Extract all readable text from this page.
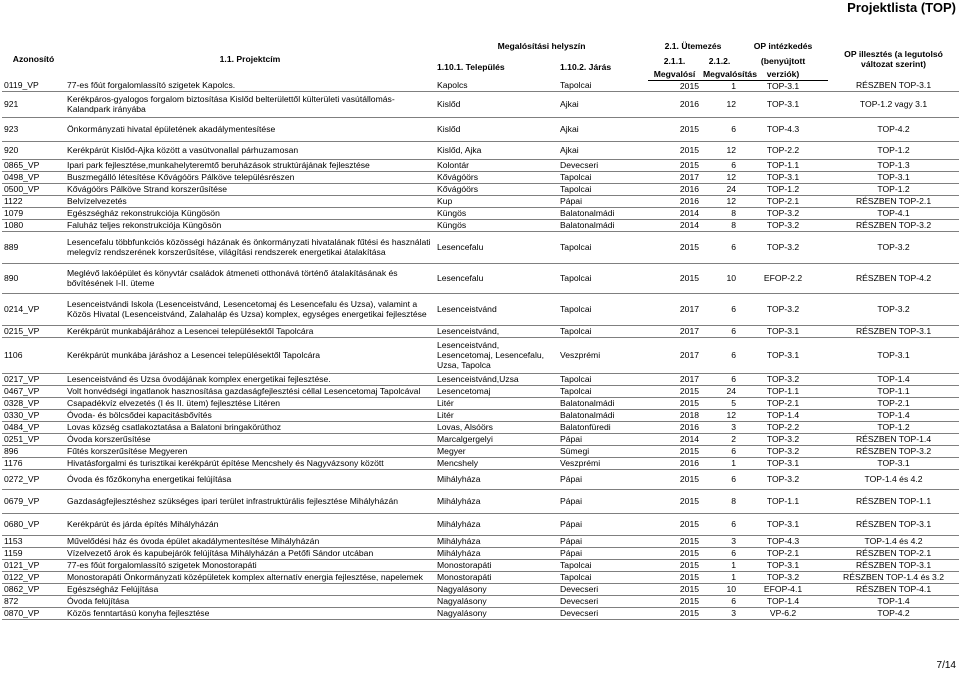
Projektlista (TOP)
Azonosító	1.1. Projektcím	Megalósítási helyszín		2.1. Ütemezés		OP intézkedés	OP illesztés (a legutolsó
változat szerint)

		1.10.1. Település	1.10.2. Járás	2.1.1.	2.1.2.	(benyújtott	
				Megvalósí	Megvalósítás	verziók)	
0119_VP	77-es főút forgalomlassító szigetek Kapolcs.	Kapolcs	Tapolcai	2015	1	TOP-3.1	RÉSZBEN TOP-3.1
921	Kerékpáros-gyalogos forgalom biztosítása Kislőd belterülettől külterületi vasútállomás-Kalandpark irányába	Kislőd	Ajkai	2016	12	TOP-3.1	TOP-1.2 vagy 3.1
923	Önkormányzati hivatal épületének akadálymentesítése	Kislőd	Ajkai	2015	6	TOP-4.3	TOP-4.2
920	Kerékpárút Kislőd-Ajka között a vasútvonallal párhuzamosan	Kislőd, Ajka	Ajkai	2015	12	TOP-2.2	TOP-1.2
0865_VP	Ipari park fejlesztése,munkahelyteremtő beruházások struktúrájának fejlesztése	Kolontár	Devecseri	2015	6	TOP-1.1	TOP-1.3
0498_VP	Buszmegálló létesítése Kővágóörs Pálköve településrészen	Kővágóörs	Tapolcai	2017	12	TOP-3.1	TOP-3.1
0500_VP	Kővágóörs Pálköve Strand korszerűsítése	Kővágóörs	Tapolcai	2016	24	TOP-1.2	TOP-1.2
1122	Belvízelvezetés	Kup	Pápai	2016	12	TOP-2.1	RÉSZBEN TOP-2.1
1079	Egészségház rekonstrukciója Küngösön	Küngös	Balatonalmádi	2014	8	TOP-3.2	TOP-4.1
1080	Faluház teljes rekonstrukciója Küngösön	Küngös	Balatonalmádi	2014	8	TOP-3.2	RÉSZBEN TOP-3.2
889	Lesencefalu többfunkciós közösségi házának és önkormányzati hivatalának fűtési és használati melegvíz rendszerének korszerűsítése, világítási rendszerek energetikai átalakítása	Lesencefalu	Tapolcai	2015	6	TOP-3.2	TOP-3.2
890	Meglévő lakóépület és könyvtár családok átmeneti otthonává történő átalakításának és bővítésének I-II. üteme	Lesencefalu	Tapolcai	2015	10	EFOP-2.2	RÉSZBEN TOP-4.2
0214_VP	Lesenceistvándi Iskola (Lesenceistvánd, Lesencetomaj és Lesencefalu és Uzsa), valamint a Közös Hivatal (Lesenceistvánd, Zalahaláp és Uzsa) komplex, egységes energetikai fejlesztése	Lesenceistvánd	Tapolcai	2017	6	TOP-3.2	TOP-3.2
0215_VP	Kerékpárút munkabájárához a Lesencei településektől Tapolcára	Lesenceistvánd,	Tapolcai	2017	6	TOP-3.1	RÉSZBEN TOP-3.1
1106	Kerékpárút munkába járáshoz a Lesencei településektől Tapolcára	Lesenceistvánd, Lesencetomaj, Lesencefalu, Uzsa, Tapolca	Veszprémi	2017	6	TOP-3.1	TOP-3.1
0217_VP	Lesenceistvánd és Uzsa óvodájának komplex energetikai fejlesztése.	Lesenceistvánd,Uzsa	Tapolcai	2017	6	TOP-3.2	TOP-1.4
0467_VP	Volt honvédségi ingatlanok hasznosítása gazdaságfejlesztési céllal Lesencetomaj Tapolcával	Lesencetomaj	Tapolcai	2015	24	TOP-1.1	TOP-1.1
0328_VP	Csapadékvíz elvezetés (I és II. ütem) fejlesztése Litéren	Litér	Balatonalmádi	2015	5	TOP-2.1	TOP-2.1
0330_VP	Óvoda- és bölcsődei kapacitásbővítés	Litér	Balatonalmádi	2018	12	TOP-1.4	TOP-1.4
0484_VP	Lovas község csatlakoztatása a Balatoni bringakörúthoz	Lovas, Alsóörs	Balatonfüredi	2016	3	TOP-2.2	TOP-1.2
0251_VP	Óvoda korszerűsítése	Marcalgergelyi	Pápai	2014	2	TOP-3.2	RÉSZBEN TOP-1.4
896	Fűtés korszerűsítése Megyeren	Megyer	Sümegi	2015	6	TOP-3.2	RÉSZBEN TOP-3.2
1176	Hivatásforgalmi és turisztikai kerékpárút építése Mencshely és Nagyvázsony között	Mencshely	Veszprémi	2016	1	TOP-3.1	TOP-3.1
0272_VP	Óvoda és főzőkonyha energetikai felújítása	Mihályháza	Pápai	2015	6	TOP-3.2	TOP-1.4 és 4.2
0679_VP	Gazdaságfejlesztéshez szükséges ipari terület infrastruktúrális fejlesztése Mihályházán	Mihályháza	Pápai	2015	8	TOP-1.1	RÉSZBEN TOP-1.1
0680_VP	Kerékpárút és járda építés Mihályházán	Mihályháza	Pápai	2015	6	TOP-3.1	RÉSZBEN TOP-3.1
1153	Művelődési ház és óvoda épület akadálymentesítése Mihályházán	Mihályháza	Pápai	2015	3	TOP-4.3	TOP-1.4 és 4.2
1159	Vízelvezető árok és kapubejárók felújítása Mihályházán a Petőfi Sándor utcában	Mihályháza	Pápai	2015	6	TOP-2.1	RÉSZBEN TOP-2.1
0121_VP	77-es főút forgalomlassító szigetek Monostorapáti	Monostorapáti	Tapolcai	2015	1	TOP-3.1	RÉSZBEN TOP-3.1
0122_VP	Monostorapáti Önkormányzati középületek komplex alternatív energia fejlesztése, napelemek	Monostorapáti	Tapolcai	2015	1	TOP-3.2	RÉSZBEN TOP-1.4 és 3.2
0862_VP	Egészségház Felújítása	Nagyalásony	Devecseri	2015	10	EFOP-4.1	RÉSZBEN TOP-4.1
872	Óvoda felújítása	Nagyalásony	Devecseri	2015	6	TOP-1.4	TOP-1.4
0870_VP	Közös fenntartású konyha fejlesztése	Nagyalásony	Devecseri	2015	3	VP-6.2	TOP-4.2
7/14
